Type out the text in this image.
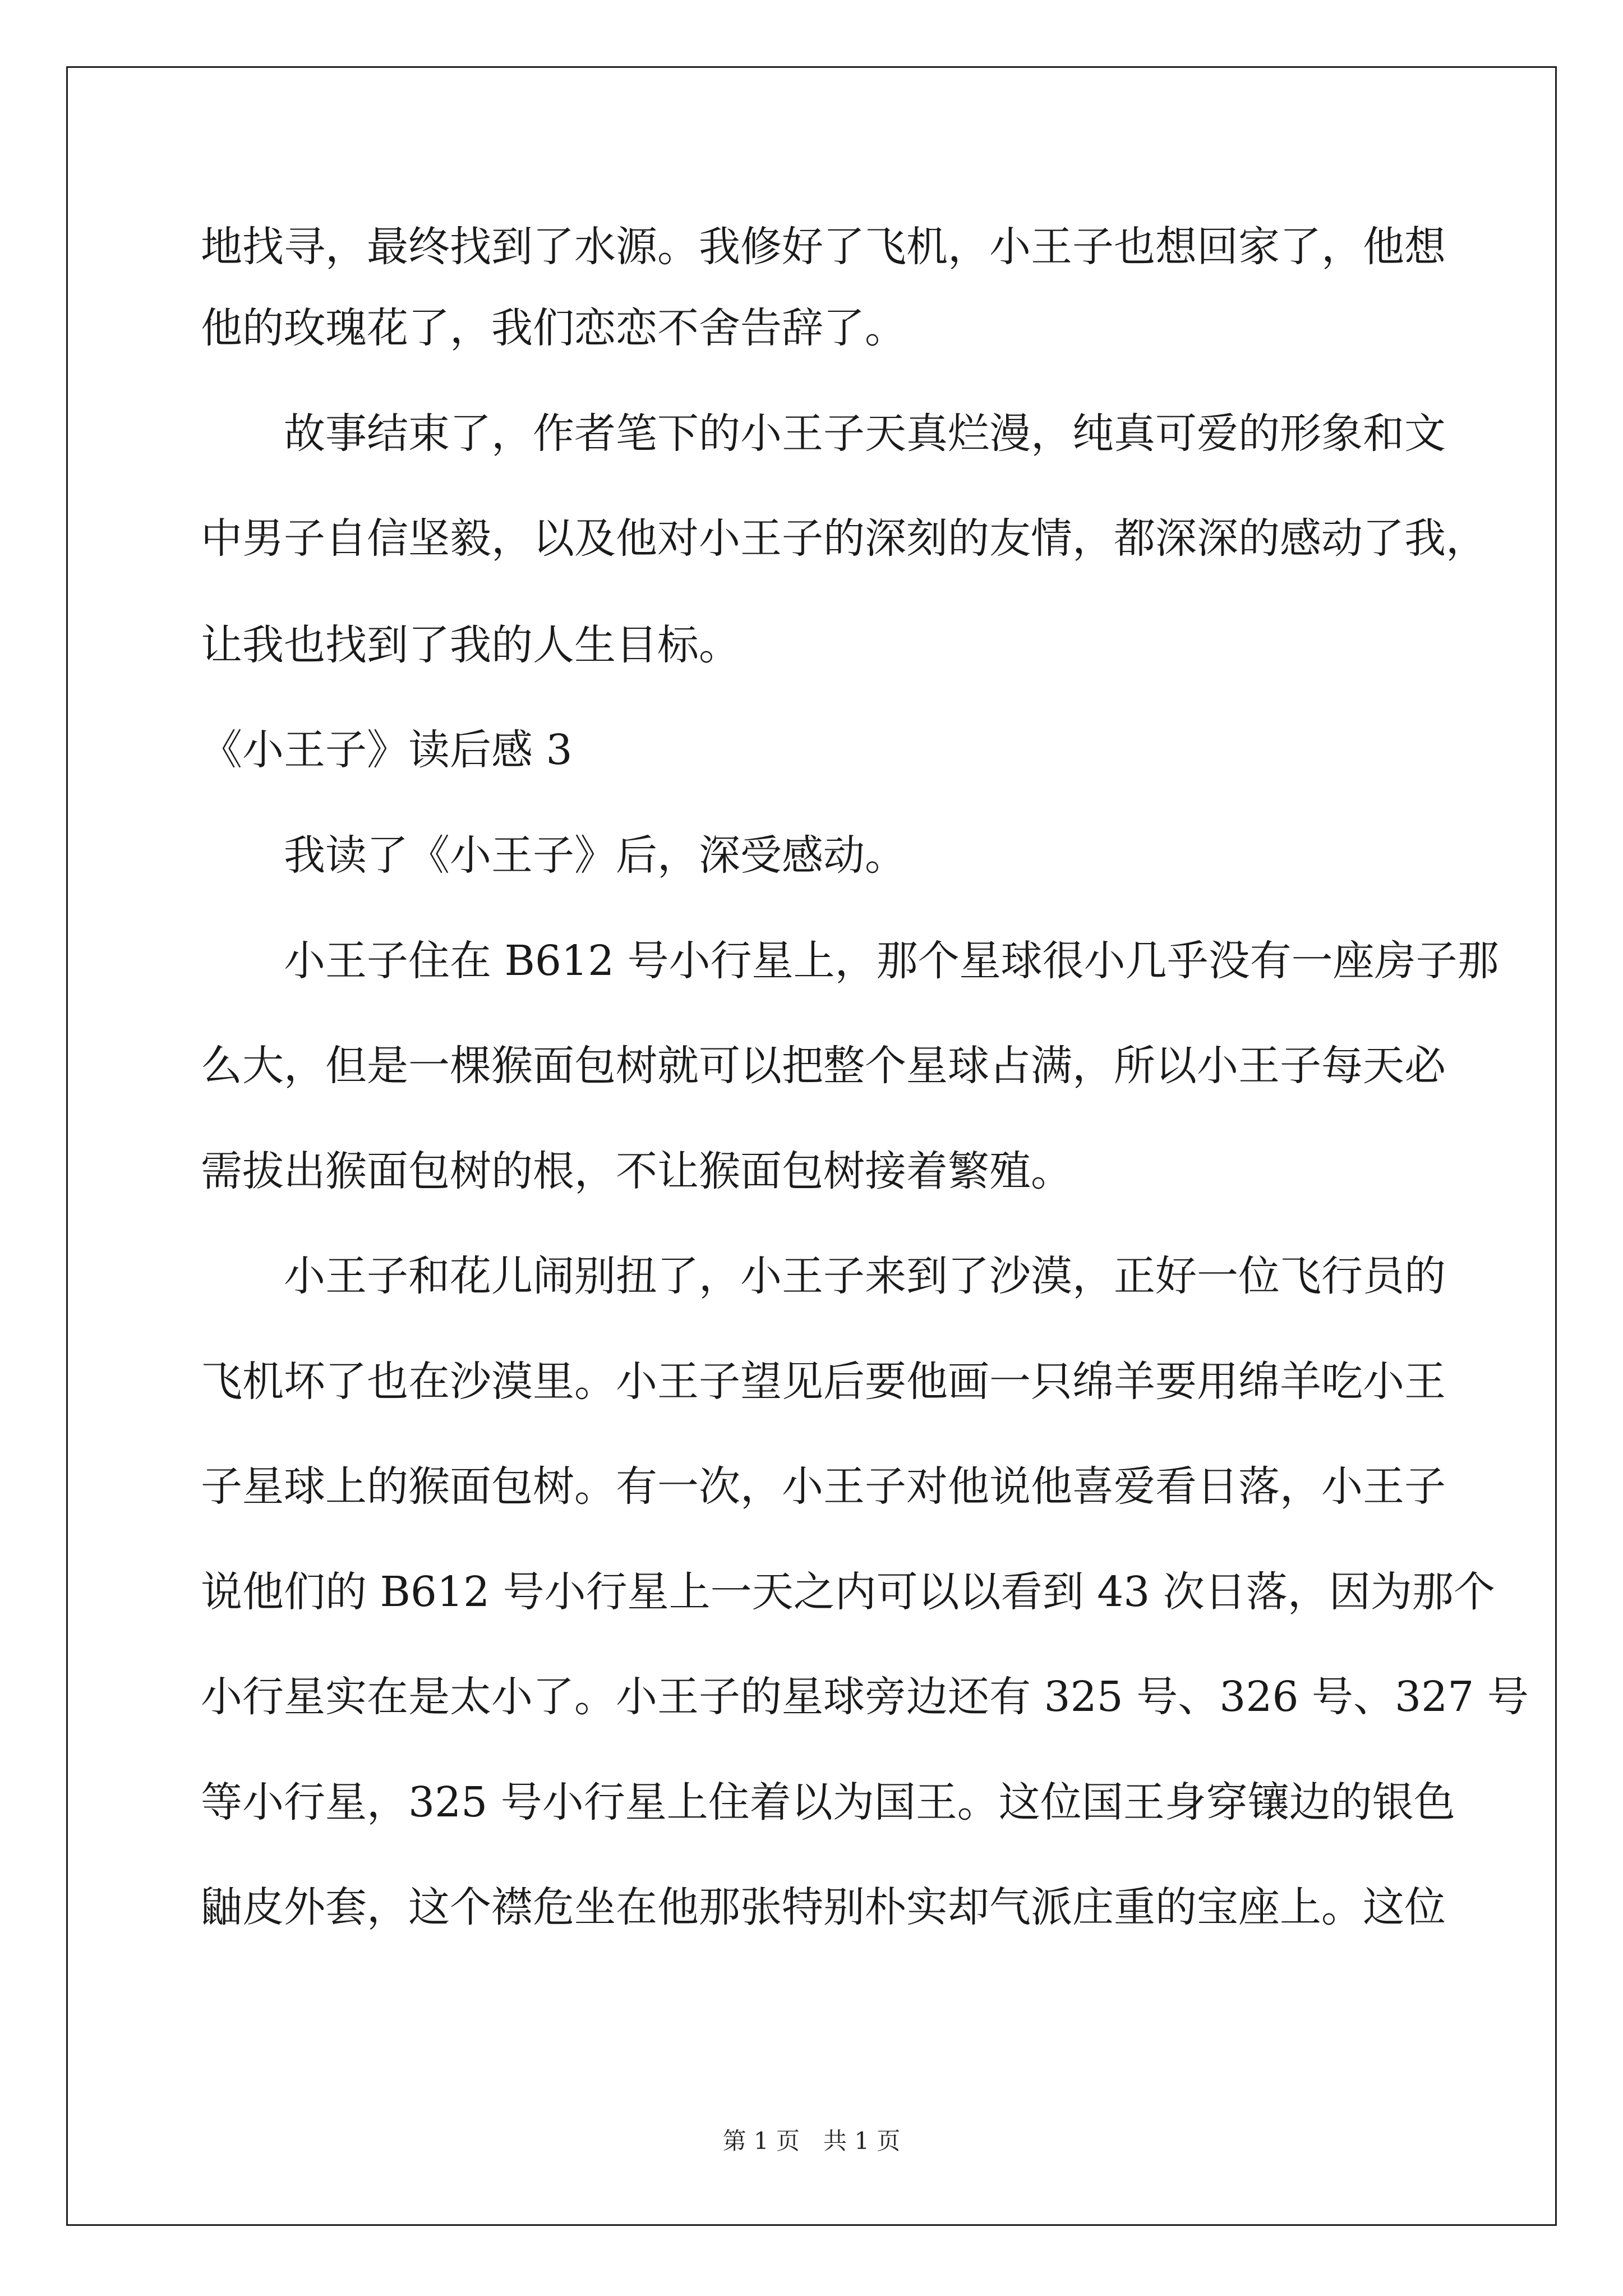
地找寻，最终找到了水源。我修好了飞机，小王子也想回家了，他想
他的玫瑰花了，我们恋恋不舍告辞了。
　　故事结束了，作者笔下的小王子天真烂漫，纯真可爱的形象和文
中男子自信坚毅，以及他对小王子的深刻的友情，都深深的感动了我，
让我也找到了我的人生目标。
《小王子》读后感 3
　　我读了《小王子》后，深受感动。
　　小王子住在 B612 号小行星上，那个星球很小几乎没有一座房子那
么大，但是一棵猴面包树就可以把整个星球占满，所以小王子每天必
需拔出猴面包树的根，不让猴面包树接着繁殖。
　　小王子和花儿闹别扭了，小王子来到了沙漠，正好一位飞行员的
飞机坏了也在沙漠里。小王子望见后要他画一只绵羊要用绵羊吃小王
子星球上的猴面包树。有一次，小王子对他说他喜爱看日落，小王子
说他们的 B612 号小行星上一天之内可以以看到 43 次日落，因为那个
小行星实在是太小了。小王子的星球旁边还有 325 号、326 号、327 号
等小行星，325 号小行星上住着以为国王。这位国王身穿镶边的银色
鼬皮外套，这个襟危坐在他那张特别朴实却气派庄重的宝座上。这位
第 1 页　共 1 页
